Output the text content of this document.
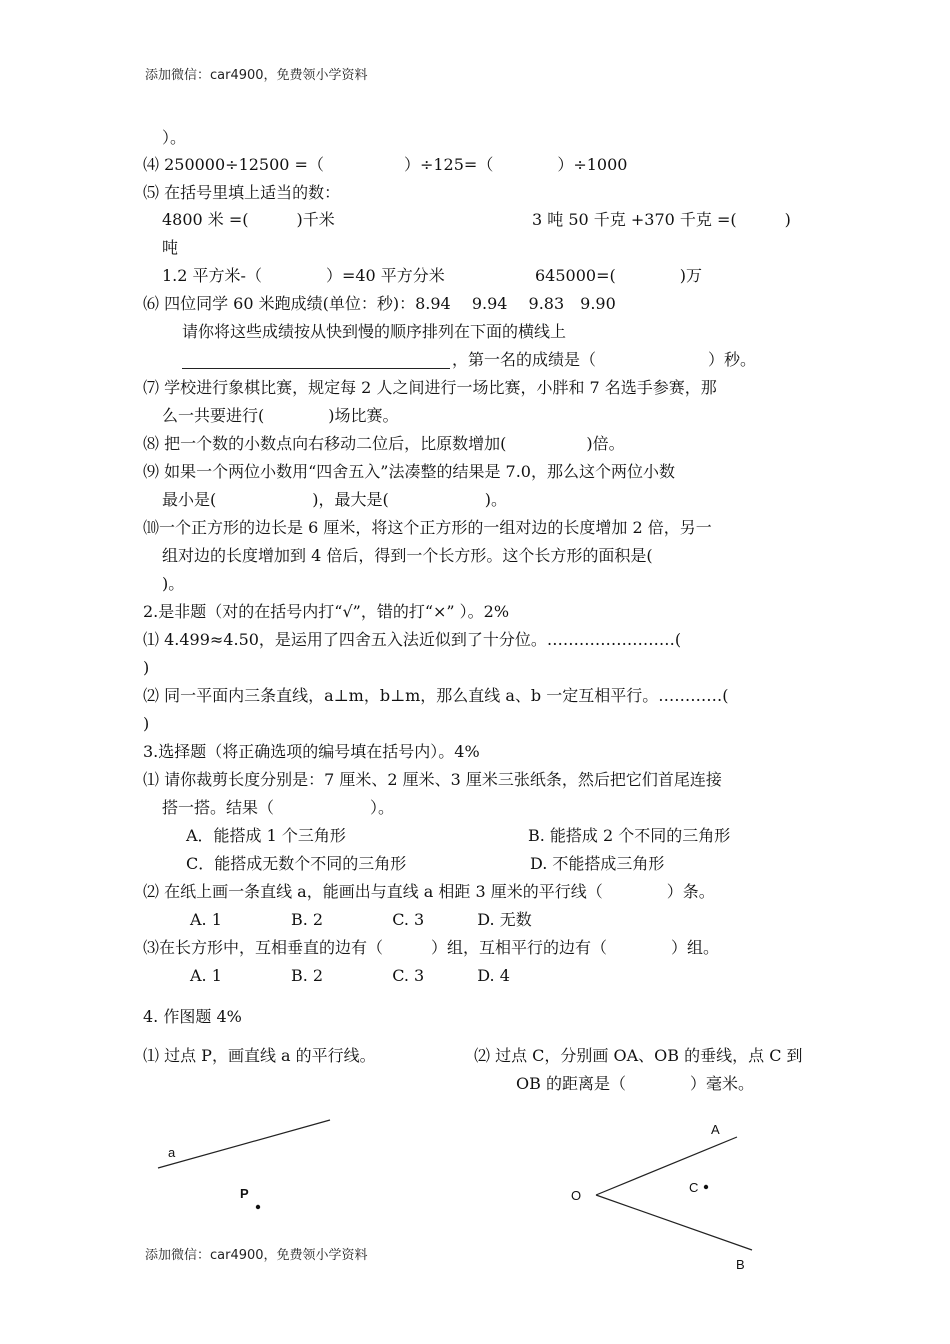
添加微信：car4900，免费领小学资料
）。
⑷ 250000÷12500 =（　　　　　）÷125=（　　　　）÷1000
⑸ 在括号里填上适当的数：
4800 米 =(　　　)千米	3 吨 50 千克 +370 千克 =(　　　)
吨
1.2 平方米-（　　　　）=40 平方分米	645000=(　　　　)万
⑹ 四位同学 60 米跑成绩(单位：秒)：8.94　 9.94　 9.83　9.90
请你将这些成绩按从快到慢的顺序排列在下面的横线上
，第一名的成绩是（　　　　　　　）秒。
⑺ 学校进行象棋比赛，规定每 2 人之间进行一场比赛，小胖和 7 名选手参赛，那
么一共要进行(　　　　)场比赛。
⑻ 把一个数的小数点向右移动二位后，比原数增加(　　　　　)倍。
⑼ 如果一个两位小数用“四舍五入”法凑整的结果是 7.0，那么这个两位小数
最小是(　　　　　　)，最大是(　　　　　　)。
⑽一个正方形的边长是 6 厘米，将这个正方形的一组对边的长度增加 2 倍，另一
组对边的长度增加到 4 倍后，得到一个长方形。这个长方形的面积是(
)。
2.是非题（对的在括号内打“√”，错的打“×” ）。2%
⑴ 4.499≈4.50，是运用了四舍五入法近似到了十分位。……………………(
)
⑵ 同一平面内三条直线，a⊥m，b⊥m，那么直线 a、b 一定互相平行。…………(
)
3.选择题（将正确选项的编号填在括号内）。4%
⑴ 请你裁剪长度分别是：7 厘米、2 厘米、3 厘米三张纸条，然后把它们首尾连接
搭一搭。结果（　　　　　　）。
A．能搭成 1 个三角形	B. 能搭成 2 个不同的三角形
C．能搭成无数个不同的三角形	D. 不能搭成三角形
⑵ 在纸上画一条直线 a，能画出与直线 a 相距 3 厘米的平行线（　　　　）条。
A. 1　　　　 B. 2　　　　 C. 3　　　 D. 无数
⑶在长方形中，互相垂直的边有（　　　）组，互相平行的边有（　　　　）组。
A. 1　　　　 B. 2　　　　 C. 3　　　 D. 4
4. 作图题 4%
⑴ 过点 P，画直线 a 的平行线。	⑵ 过点 C，分别画 OA、OB 的垂线，点 C 到
OB 的距离是（　　　　）毫米。
a
P	O
A
B
C
添加微信：car4900，免费领小学资料
